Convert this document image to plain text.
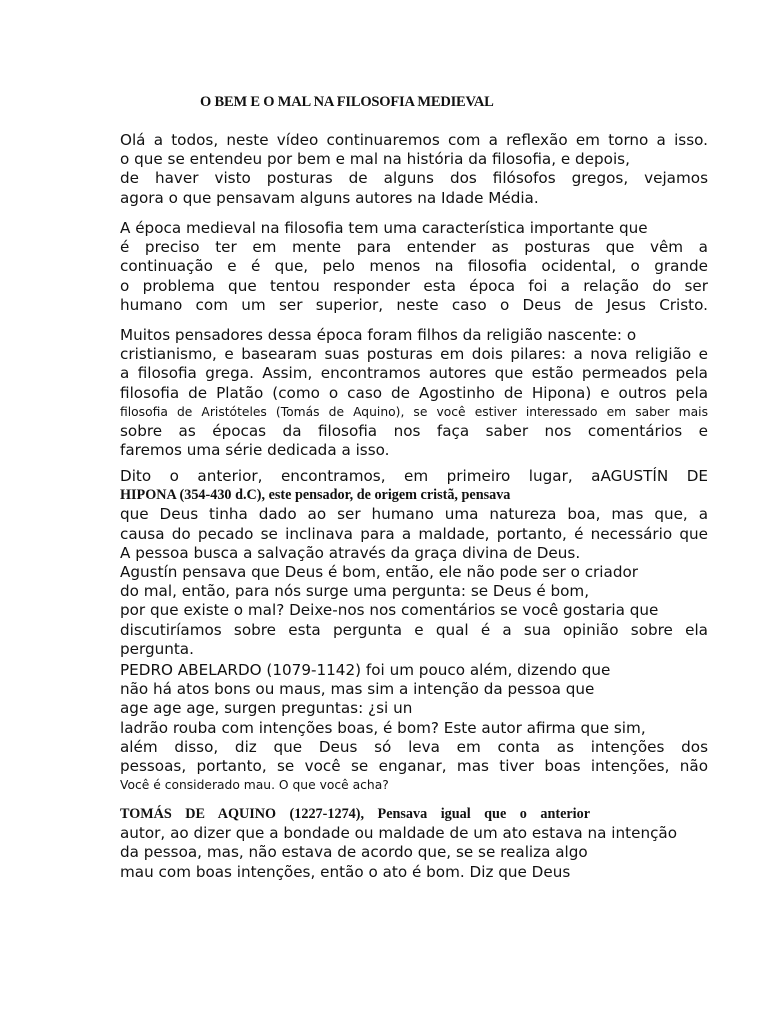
O BEM E O MAL NA FILOSOFIA MEDIEVAL
Olá a todos, neste vídeo continuaremos com a reflexão em torno a isso.
o que se entendeu por bem e mal na história da filosofia, e depois,
de haver visto posturas de alguns dos filósofos gregos, vejamos
agora o que pensavam alguns autores na Idade Média.
A época medieval na filosofia tem uma característica importante que
é preciso ter em mente para entender as posturas que vêm a
continuação e é que, pelo menos na filosofia ocidental, o grande
o problema que tentou responder esta época foi a relação do ser
humano com um ser superior, neste caso o Deus de Jesus Cristo.
Muitos pensadores dessa época foram filhos da religião nascente: o
cristianismo, e basearam suas posturas em dois pilares: a nova religião e
a filosofia grega. Assim, encontramos autores que estão permeados pela
filosofia de Platão (como o caso de Agostinho de Hipona) e outros pela
filosofia de Aristóteles (Tomás de Aquino), se você estiver interessado em saber mais
sobre as épocas da filosofia nos faça saber nos comentários e
faremos uma série dedicada a isso.
Dito o anterior, encontramos, em primeiro lugar, aAGUSTÍN DE
HIPONA (354-430 d.C), este pensador, de origem cristã, pensava
que Deus tinha dado ao ser humano uma natureza boa, mas que, a
causa do pecado se inclinava para a maldade, portanto, é necessário que
A pessoa busca a salvação através da graça divina de Deus.
Agustín pensava que Deus é bom, então, ele não pode ser o criador
do mal, então, para nós surge uma pergunta: se Deus é bom,
por que existe o mal? Deixe-nos nos comentários se você gostaria que
discutiríamos sobre esta pergunta e qual é a sua opinião sobre ela
pergunta.
PEDRO ABELARDO (1079-1142) foi um pouco além, dizendo que
não há atos bons ou maus, mas sim a intenção da pessoa que
age age age, surgen preguntas: ¿si un
ladrão rouba com intenções boas, é bom? Este autor afirma que sim,
além disso, diz que Deus só leva em conta as intenções dos
pessoas, portanto, se você se enganar, mas tiver boas intenções, não
Você é considerado mau. O que você acha?
TOMÁS DE AQUINO (1227-1274), Pensava igual que o anterior
autor, ao dizer que a bondade ou maldade de um ato estava na intenção
da pessoa, mas, não estava de acordo que, se se realiza algo
mau com boas intenções, então o ato é bom. Diz que Deus
